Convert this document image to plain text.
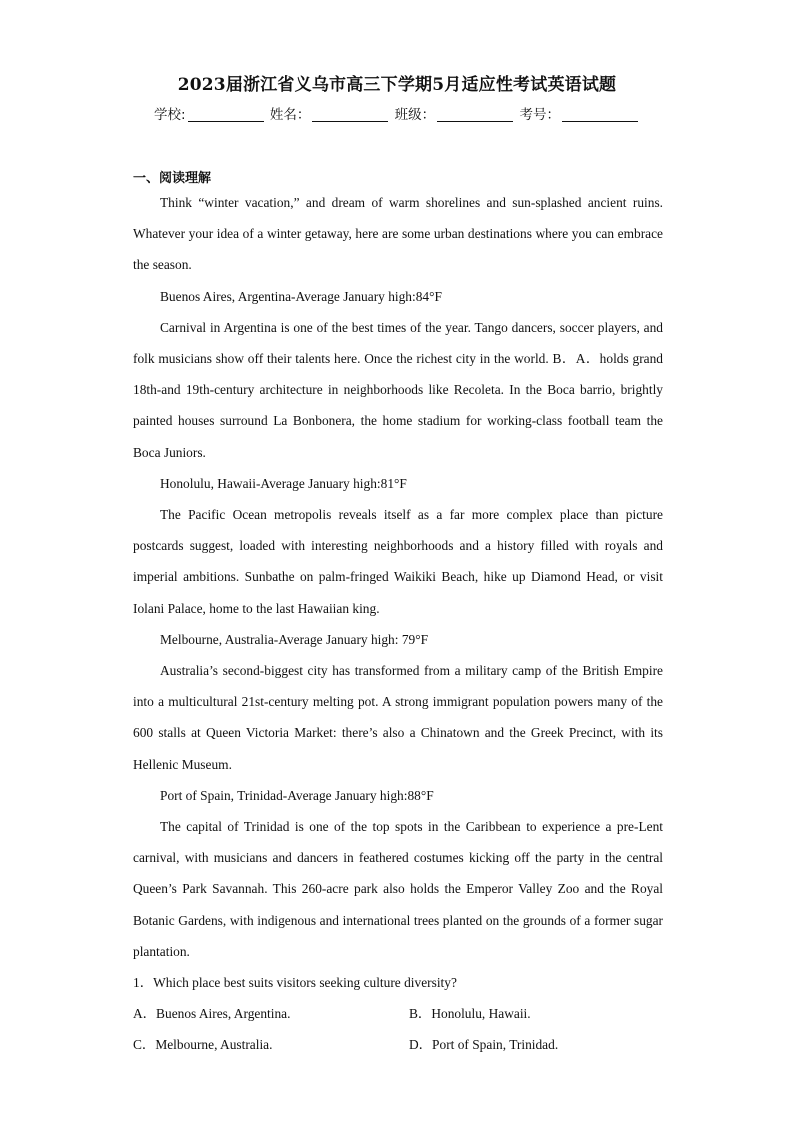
2023届浙江省义乌市高三下学期5月适应性考试英语试题
学校:	姓名：	班级：	考号：
一、阅读理解

Think “winter vacation,” and dream of warm shorelines and sun-splashed ancient ruins. Whatever your idea of a winter getaway, here are some urban destinations where you can embrace the season.

Buenos Aires, Argentina-Average January high:84°F

Carnival in Argentina is one of the best times of the year. Tango dancers, soccer players, and folk musicians show off their talents here. Once the richest city in the world. B．A．holds grand 18th-and 19th-century architecture in neighborhoods like Recoleta. In the Boca barrio, brightly painted houses surround La Bonbonera, the home stadium for working-class football team the Boca Juniors.

Honolulu, Hawaii-Average January high:81°F

The Pacific Ocean metropolis reveals itself as a far more complex place than picture postcards suggest, loaded with interesting neighborhoods and a history filled with royals and imperial ambitions. Sunbathe on palm-fringed Waikiki Beach, hike up Diamond Head, or visit Iolani Palace, home to the last Hawaiian king.

Melbourne, Australia-Average January high: 79°F

Australia’s second-biggest city has transformed from a military camp of the British Empire into a multicultural 21st-century melting pot. A strong immigrant population powers many of the 600 stalls at Queen Victoria Market: there’s also a Chinatown and the Greek Precinct, with its Hellenic Museum.

Port of Spain, Trinidad-Average January high:88°F

The capital of Trinidad is one of the top spots in the Caribbean to experience a pre-Lent carnival, with musicians and dancers in feathered costumes kicking off the party in the central Queen’s Park Savannah. This 260-acre park also holds the Emperor Valley Zoo and the Royal Botanic Gardens, with indigenous and international trees planted on the grounds of a former sugar plantation.

1．Which place best suits visitors seeking culture diversity?

A．Buenos Aires, Argentina.	B．Honolulu, Hawaii.
C．Melbourne, Australia.	D．Port of Spain, Trinidad.
